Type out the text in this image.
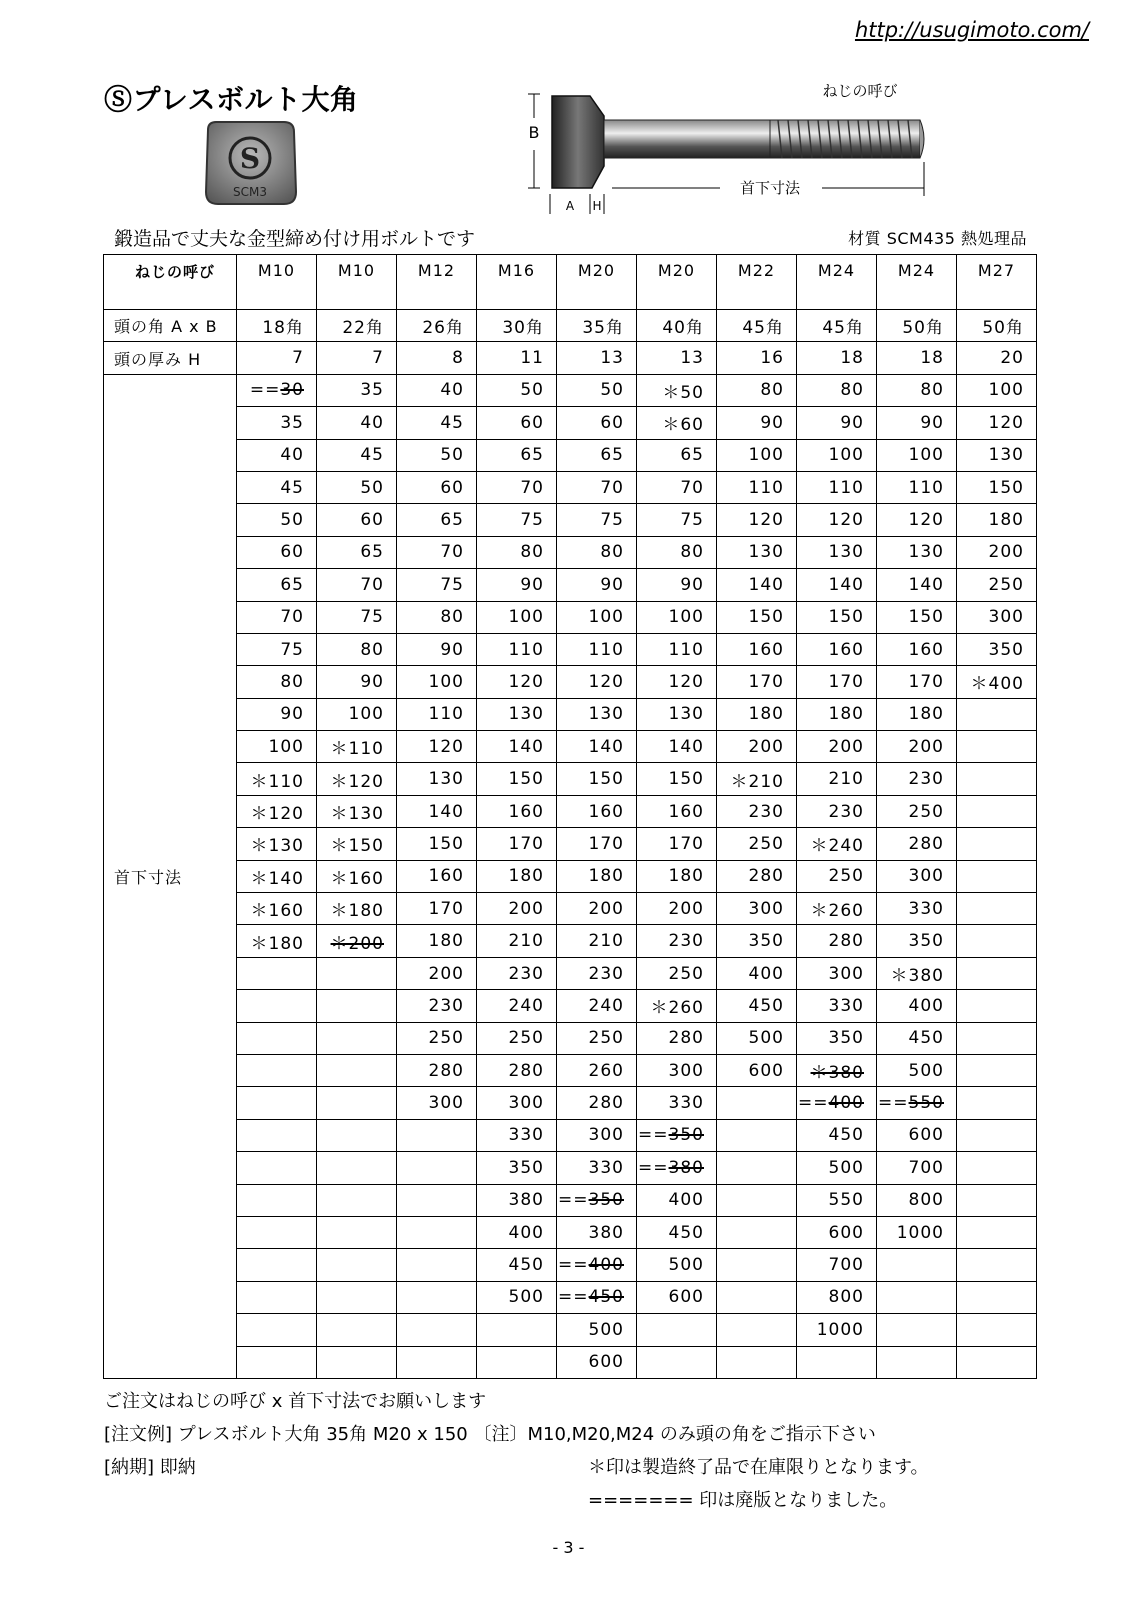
http://usugimoto.com/
Ⓢプレスボルト大角
S
SCM3
B
A H
首下寸法
ねじの呼び
鍛造品で丈夫な金型締め付け用ボルトです	材質 SCM435 熱処理品
ねじの呼び	M10	M10	M12	M16	M20	M20	M22	M24	M24	M27
頭の角 A x B	18角	22角	26角	30角	35角	40角	45角	45角	50角	50角
頭の厚み H	7	7	8	11	13	13	16	18	18	20
首下寸法	== 30	35	40	50	50	＊50	80	80	80	100
	35	40	45	60	60	＊60	90	90	90	120
	40	45	50	65	65	65	100	100	100	130
	45	50	60	70	70	70	110	110	110	150
	50	60	65	75	75	75	120	120	120	180
	60	65	70	80	80	80	130	130	130	200
	65	70	75	90	90	90	140	140	140	250
	70	75	80	100	100	100	150	150	150	300
	75	80	90	110	110	110	160	160	160	350
	80	90	100	120	120	120	170	170	170	＊400
	90	100	110	130	130	130	180	180	180	
	100	＊110	120	140	140	140	200	200	200	
	＊110	＊120	130	150	150	150	＊210	210	230	
	＊120	＊130	140	160	160	160	230	230	250	
	＊130	＊150	150	170	170	170	250	＊240	280	
	＊140	＊160	160	180	180	180	280	250	300	
	＊160	＊180	170	200	200	200	300	＊260	330	
	＊180	＊200	180	210	210	230	350	280	350	
			200	230	230	250	400	300	＊380	
			230	240	240	＊260	450	330	400	
			250	250	250	280	500	350	450	
			280	280	260	300	600	＊380	500	
			300	300	280	330		== 400	== 550	
				330	300	== 350		450	600	
				350	330	== 380		500	700	
				380	== 350	400		550	800	
				400	380	450		600	1000	
				450	== 400	500		700		
				500	== 450	600		800		
					500			1000		
					600					
ご注文はねじの呼び x 首下寸法でお願いします
[注文例] プレスボルト大角 35角 M20 x 150 〔注〕M10,M20,M24 のみ頭の角をご指示下さい
[納期] 即納	＊印は製造終了品で在庫限りとなります。
======= 印は廃版となりました。
- 3 -
